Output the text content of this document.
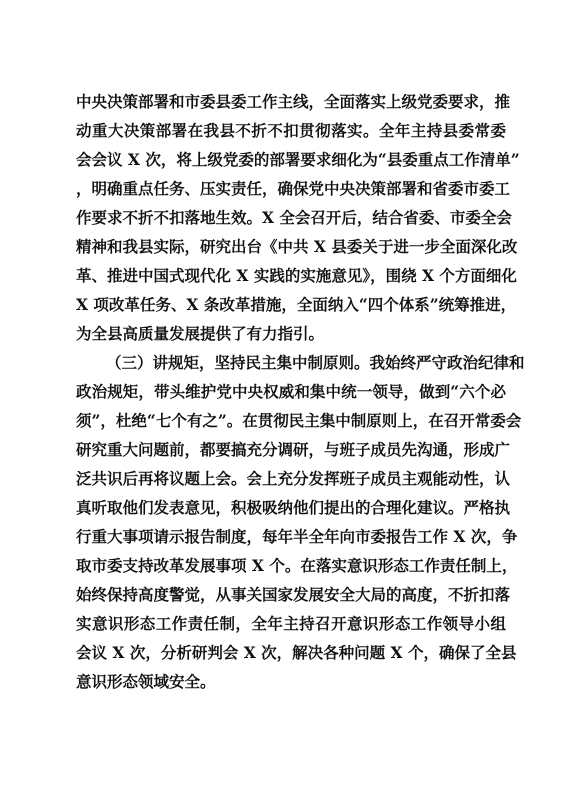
中央决策部署和市委县委工作主线，全面落实上级党委要求，推
动重大决策部署在我县不折不扣贯彻落实。全年主持县委常委
会会议 X 次，将上级党委的部署要求细化为“县委重点工作清单”
，明确重点任务、压实责任，确保党中央决策部署和省委市委工
作要求不折不扣落地生效。X 全会召开后，结合省委、市委全会
精神和我县实际，研究出台《中共 X 县委关于进一步全面深化改
革、推进中国式现代化 X 实践的实施意见》，围绕 X 个方面细化
X 项改革任务、X 条改革措施，全面纳入“四个体系”统筹推进，
为全县高质量发展提供了有力指引。
（三）讲规矩，坚持民主集中制原则。我始终严守政治纪律和
政治规矩，带头维护党中央权威和集中统一领导，做到“六个必
须”，杜绝“七个有之”。在贯彻民主集中制原则上，在召开常委会
研究重大问题前，都要搞充分调研，与班子成员先沟通，形成广
泛共识后再将议题上会。会上充分发挥班子成员主观能动性，认
真听取他们发表意见，积极吸纳他们提出的合理化建议。严格执
行重大事项请示报告制度，每年半全年向市委报告工作 X 次，争
取市委支持改革发展事项 X 个。在落实意识形态工作责任制上，
始终保持高度警觉，从事关国家发展安全大局的高度，不折扣落
实意识形态工作责任制，全年主持召开意识形态工作领导小组
会议 X 次，分析研判会 X 次，解决各种问题 X 个，确保了全县
意识形态领域安全。
